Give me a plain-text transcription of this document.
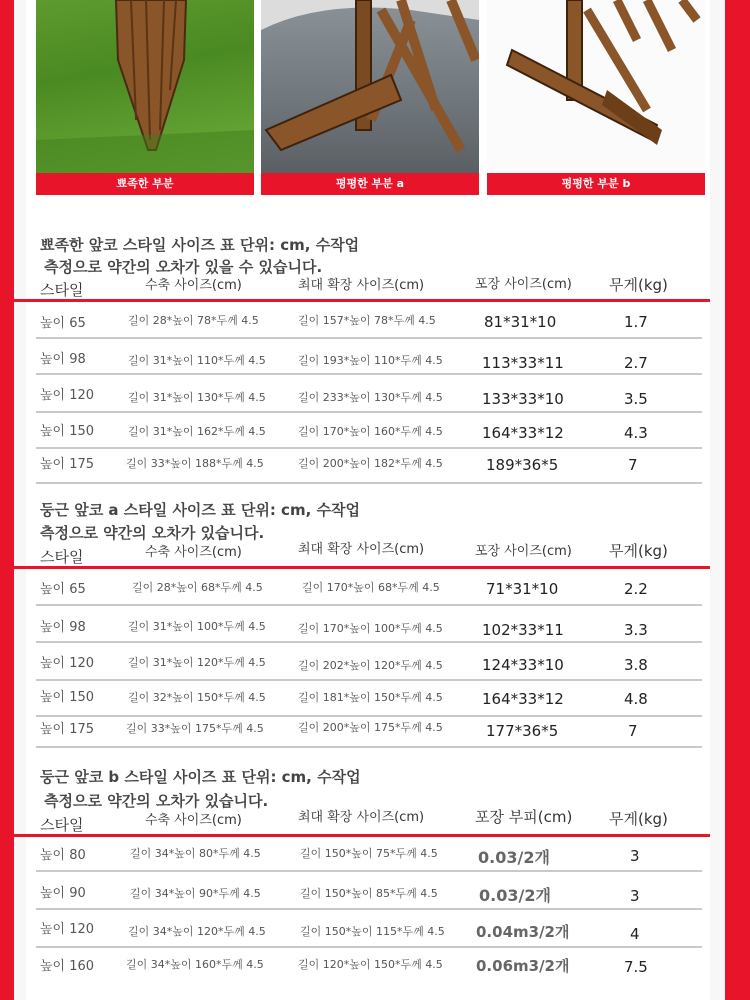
뾰족한 부분	평평한 부분 a	평평한 부분 b
뾰족한 앞코 스타일 사이즈 표 단위: cm, 수작업
측정으로 약간의 오차가 있을 수 있습니다.
스타일	수축 사이즈(cm)	최대 확장 사이즈(cm)	포장 사이즈(cm) 무게(kg)
높이 65	길이 28*높이 78*두께 4.5	길이 157*높이 78*두께 4.5	81*31*10	1.7
높이 98	길이 31*높이 110*두께 4.5	길이 193*높이 110*두께 4.5	113*33*11	2.7
높이 120	길이 31*높이 130*두께 4.5	길이 233*높이 130*두께 4.5	133*33*10	3.5
높이 150	길이 31*높이 162*두께 4.5	길이 170*높이 160*두께 4.5	164*33*12	4.3
높이 175	길이 33*높이 188*두께 4.5	길이 200*높이 182*두께 4.5	189*36*5	7
둥근 앞코 a 스타일 사이즈 표 단위: cm, 수작업
측정으로 약간의 오차가 있습니다.
스타일	수축 사이즈(cm)	최대 확장 사이즈(cm)	포장 사이즈(cm) 무게(kg)
높이 65	길이 28*높이 68*두께 4.5	길이 170*높이 68*두께 4.5	71*31*10	2.2
높이 98	길이 31*높이 100*두께 4.5	길이 170*높이 100*두께 4.5	102*33*11	3.3
높이 120	길이 31*높이 120*두께 4.5	길이 202*높이 120*두께 4.5	124*33*10	3.8
높이 150	길이 32*높이 150*두께 4.5	길이 181*높이 150*두께 4.5	164*33*12	4.8
높이 175	길이 33*높이 175*두께 4.5	길이 200*높이 175*두께 4.5	177*36*5	7
둥근 앞코 b 스타일 사이즈 표 단위: cm, 수작업
측정으로 약간의 오차가 있습니다.
스타일	수축 사이즈(cm)	최대 확장 사이즈(cm)	포장 부피(cm) 무게(kg)
높이 80	길이 34*높이 80*두께 4.5	길이 150*높이 75*두께 4.5	0.03/2개	3
높이 90	길이 34*높이 90*두께 4.5	길이 150*높이 85*두께 4.5	0.03/2개	3
높이 120	길이 34*높이 120*두께 4.5	길이 150*높이 115*두께 4.5 0.04m3/2개	4
높이 160	길이 34*높이 160*두께 4.5	길이 120*높이 150*두께 4.5 0.06m3/2개	7.5
